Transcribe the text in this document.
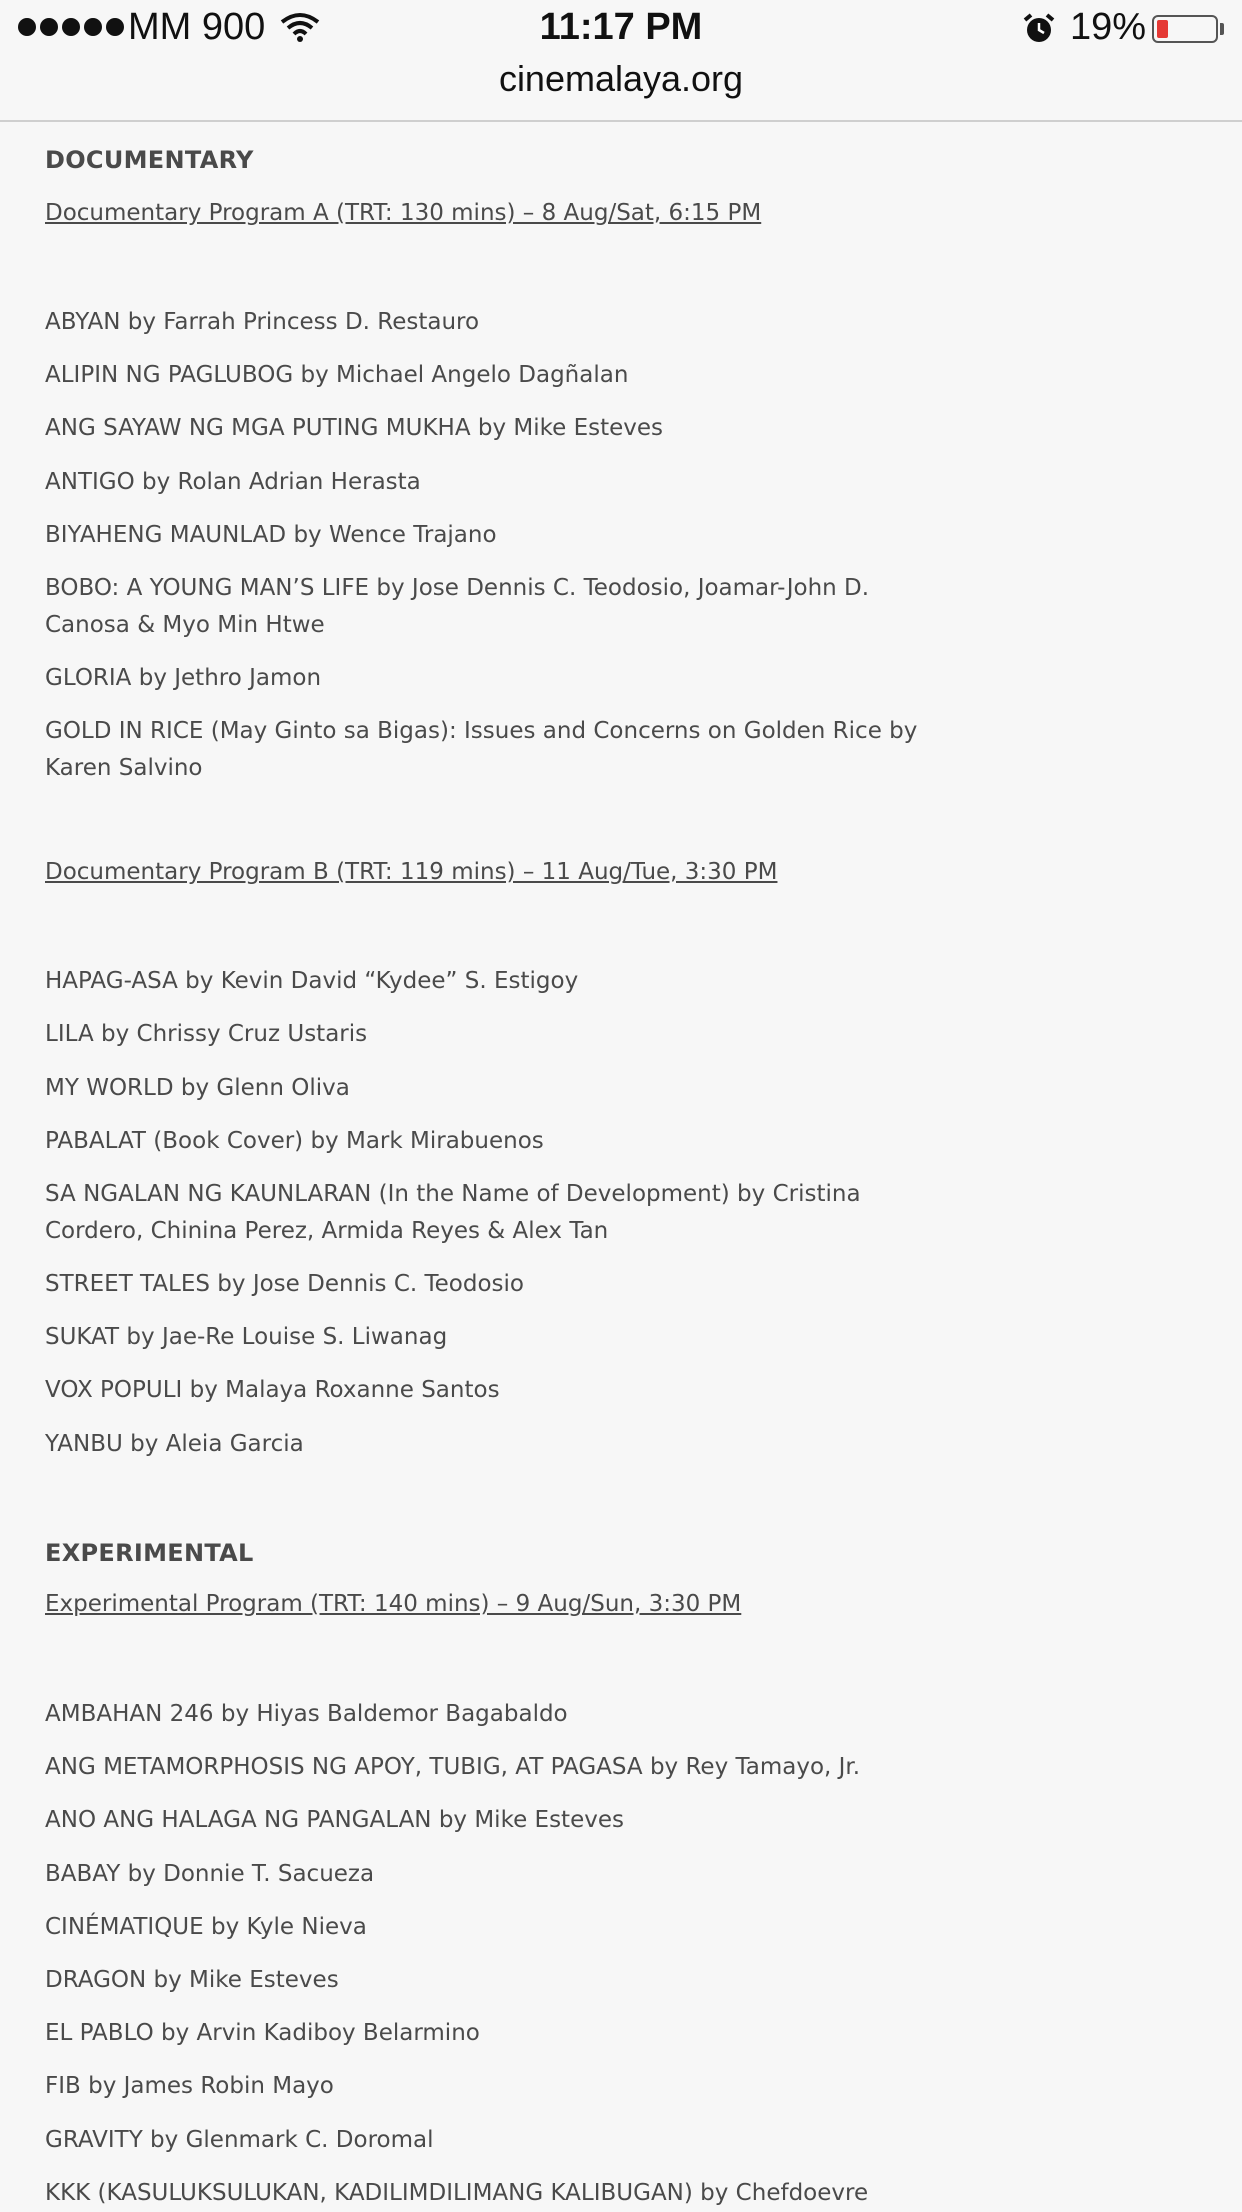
MM 900	11:17 PM	19%
cinemalaya.org
DOCUMENTARY
Documentary Program A (TRT: 130 mins) – 8 Aug/Sat, 6:15 PM
ABYAN by Farrah Princess D. Restauro
ALIPIN NG PAGLUBOG by Michael Angelo Dagñalan
ANG SAYAW NG MGA PUTING MUKHA by Mike Esteves
ANTIGO by Rolan Adrian Herasta
BIYAHENG MAUNLAD by Wence Trajano
BOBO: A YOUNG MAN’S LIFE by Jose Dennis C. Teodosio, Joamar-John D. Canosa & Myo Min Htwe
GLORIA by Jethro Jamon
GOLD IN RICE (May Ginto sa Bigas): Issues and Concerns on Golden Rice by Karen Salvino
Documentary Program B (TRT: 119 mins) – 11 Aug/Tue, 3:30 PM
HAPAG-ASA by Kevin David “Kydee” S. Estigoy
LILA by Chrissy Cruz Ustaris
MY WORLD by Glenn Oliva
PABALAT (Book Cover) by Mark Mirabuenos
SA NGALAN NG KAUNLARAN (In the Name of Development) by Cristina Cordero, Chinina Perez, Armida Reyes & Alex Tan
STREET TALES by Jose Dennis C. Teodosio
SUKAT by Jae-Re Louise S. Liwanag
VOX POPULI by Malaya Roxanne Santos
YANBU by Aleia Garcia
EXPERIMENTAL
Experimental Program (TRT: 140 mins) – 9 Aug/Sun, 3:30 PM
AMBAHAN 246 by Hiyas Baldemor Bagabaldo
ANG METAMORPHOSIS NG APOY, TUBIG, AT PAGASA by Rey Tamayo, Jr.
ANO ANG HALAGA NG PANGALAN by Mike Esteves
BABAY by Donnie T. Sacueza
CINÉMATIQUE by Kyle Nieva
DRAGON by Mike Esteves
EL PABLO by Arvin Kadiboy Belarmino
FIB by James Robin Mayo
GRAVITY by Glenmark C. Doromal
KKK (KASULUKSULUKAN, KADILIMDILIMANG KALIBUGAN) by Chefdoevre
